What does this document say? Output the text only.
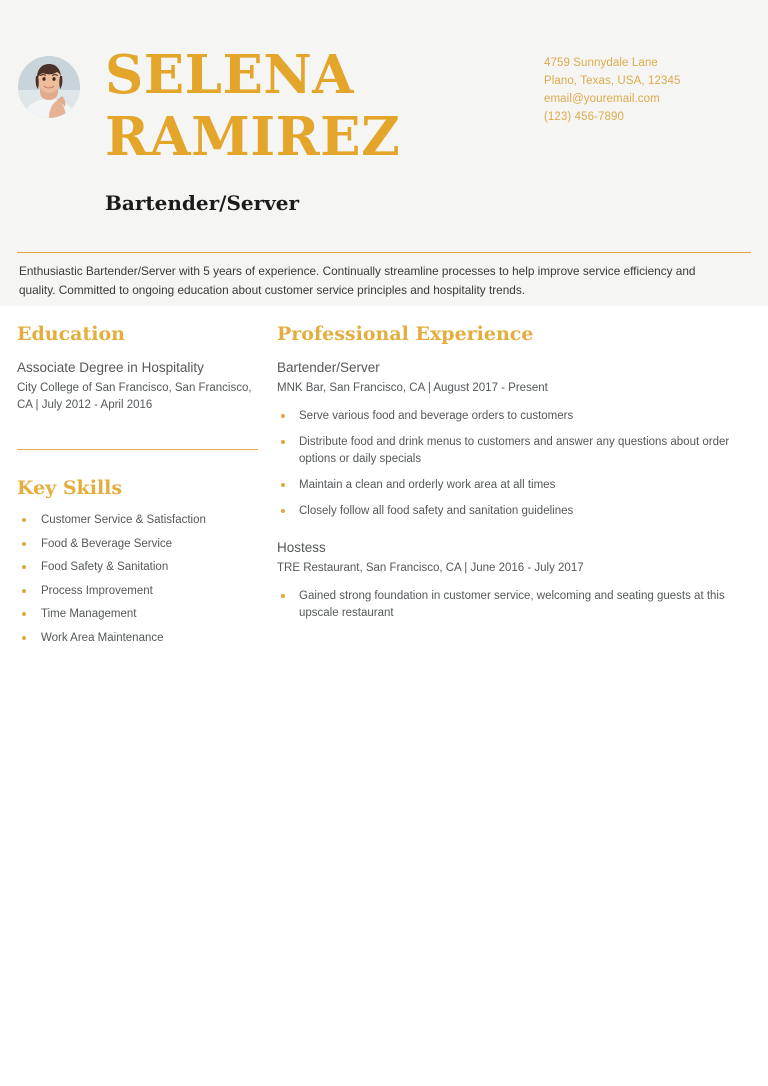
SELENA
RAMIREZ
Bartender/Server
4759 Sunnydale Lane
Plano, Texas, USA, 12345
email@youremail.com
(123) 456-7890
Enthusiastic Bartender/Server with 5 years of experience. Continually streamline processes to help improve service efficiency and quality. Committed to ongoing education about customer service principles and hospitality trends.
Education
Associate Degree in Hospitality
City College of San Francisco, San Francisco, CA | July 2012 - April 2016
Key Skills
Customer Service & Satisfaction
Food & Beverage Service
Food Safety & Sanitation
Process Improvement
Time Management
Work Area Maintenance
Professional Experience
Bartender/Server
MNK Bar, San Francisco, CA | August 2017 - Present
Serve various food and beverage orders to customers
Distribute food and drink menus to customers and answer any questions about order options or daily specials
Maintain a clean and orderly work area at all times
Closely follow all food safety and sanitation guidelines
Hostess
TRE Restaurant, San Francisco, CA | June 2016 - July 2017
Gained strong foundation in customer service, welcoming and seating guests at this upscale restaurant
